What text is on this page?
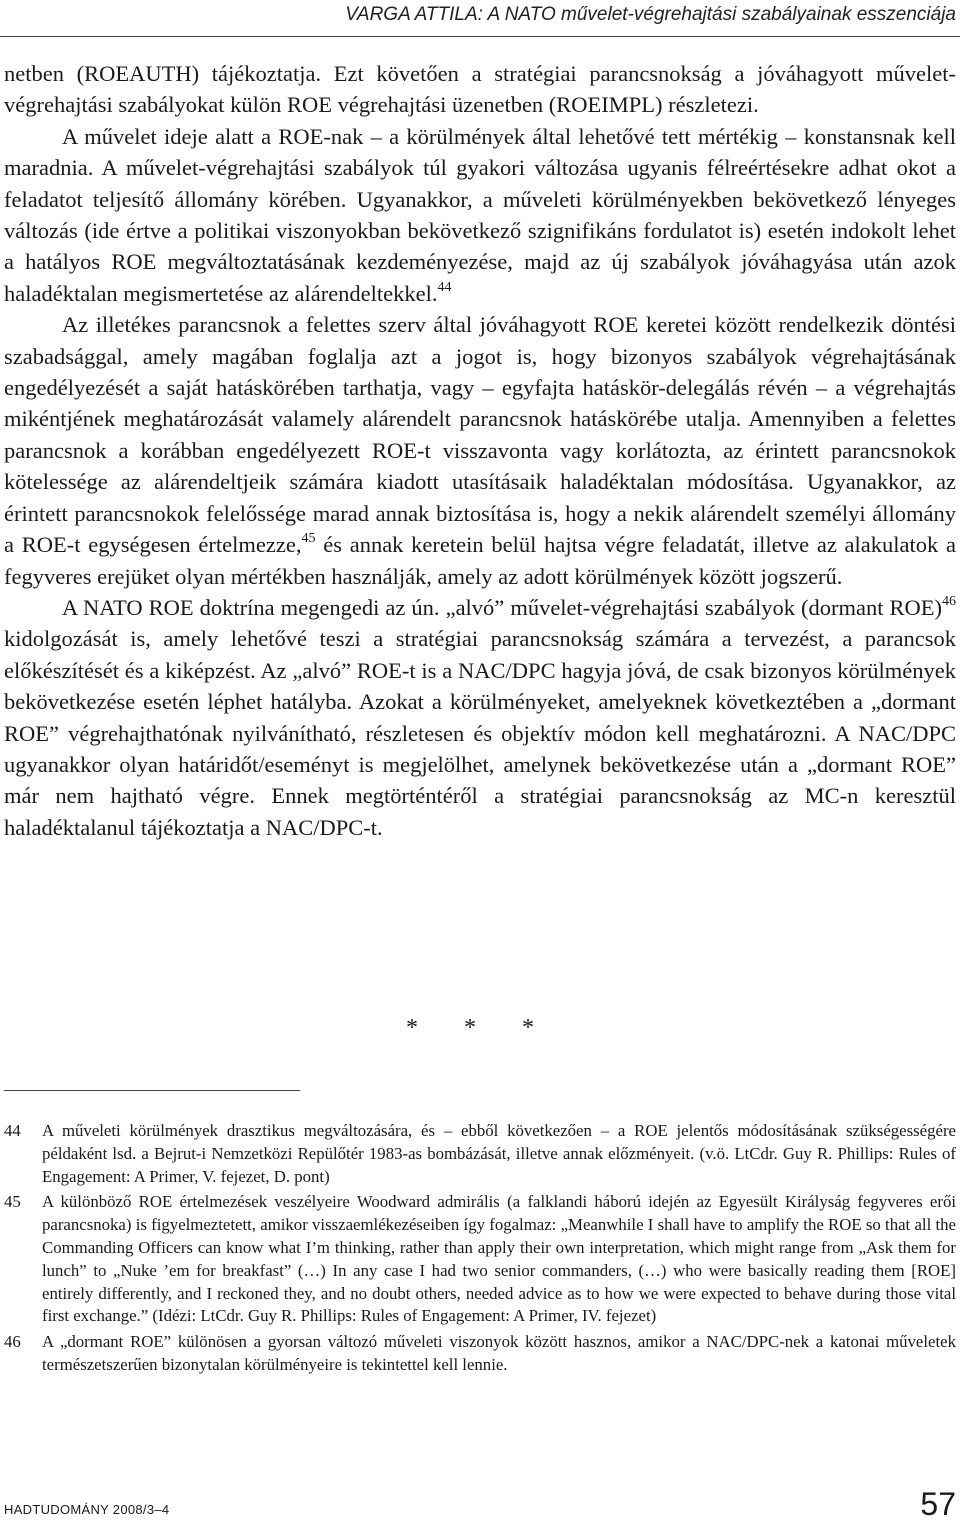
VARGA ATTILA: A NATO művelet-végrehajtási szabályainak esszenciája

netben (ROEAUTH) tájékoztatja. Ezt követően a stratégiai parancsnokság a jóváhagyott művelet-végrehajtási szabályokat külön ROE végrehajtási üzenetben (ROEIMPL) részletezi.

A művelet ideje alatt a ROE-nak – a körülmények által lehetővé tett mértékig – konstansnak kell maradnia. A művelet-végrehajtási szabályok túl gyakori változása ugyanis félreértésekre adhat okot a feladatot teljesítő állomány körében. Ugyanakkor, a műveleti körülményekben bekövetkező lényeges változás (ide értve a politikai viszonyokban bekövetkező szignifikáns fordulatot is) esetén indokolt lehet a hatályos ROE megváltoztatásának kezdeményezése, majd az új szabályok jóváhagyása után azok haladéktalan megismertetése az alárendeltekkel.$^{44}$

Az illetékes parancsnok a felettes szerv által jóváhagyott ROE keretei között rendelkezik döntési szabadsággal, amely magában foglalja azt a jogot is, hogy bizonyos szabályok végrehajtásának engedélyezését a saját hatáskörében tarthatja, vagy – egyfajta hatáskör-delegálás révén – a végrehajtás mikéntjének meghatározását valamely alárendelt parancsnok hatáskörébe utalja. Amennyiben a felettes parancsnok a korábban engedélyezett ROE-t visszavonta vagy korlátozta, az érintett parancsnokok kötelessége az alárendeltjeik számára kiadott utasításaik haladéktalan módosítása. Ugyanakkor, az érintett parancsnokok felelőssége marad annak biztosítása is, hogy a nekik alárendelt személyi állomány a ROE-t egységesen értelmezze,$^{45}$ és annak keretein belül hajtsa végre feladatát, illetve az alakulatok a fegyveres erejüket olyan mértékben használják, amely az adott körülmények között jogszerű.

A NATO ROE doktrína megengedi az ún. „alvó” művelet-végrehajtási szabályok (dormant ROE)$^{46}$ kidolgozását is, amely lehetővé teszi a stratégiai parancsnokság számára a tervezést, a parancsok előkészítését és a kiképzést. Az „alvó” ROE-t is a NAC/DPC hagyja jóvá, de csak bizonyos körülmények bekövetkezése esetén léphet hatályba. Azokat a körülményeket, amelyeknek következtében a „dormant ROE” végrehajthatónak nyilvánítható, részletesen és objektív módon kell meghatározni. A NAC/DPC ugyanakkor olyan határidőt/eseményt is megjelölhet, amelynek bekövetkezése után a „dormant ROE” már nem hajtható végre. Ennek megtörténtéről a stratégiai parancsnokság az MC-n keresztül haladéktalanul tájékoztatja a NAC/DPC-t.

* * *
44 A műveleti körülmények drasztikus megváltozására, és – ebből következően – a ROE jelentős módosításának szükségességére példaként lsd. a Bejrut-i Nemzetközi Repülőtér 1983-as bombázását, illetve annak előzményeit. (v.ö. LtCdr. Guy R. Phillips: Rules of Engagement: A Primer, V. fejezet, D. pont)
45 A különböző ROE értelmezések veszélyeire Woodward admirális (a falklandi háború idején az Egyesült Királyság fegyveres erői parancsnoka) is figyelmeztetett, amikor visszaemlékezéseiben így fogalmaz: „Meanwhile I shall have to amplify the ROE so that all the Commanding Officers can know what I’m thinking, rather than apply their own interpretation, which might range from „Ask them for lunch” to „Nuke ’em for breakfast” (…) In any case I had two senior commanders, (…) who were basically reading them [ROE] entirely differently, and I reckoned they, and no doubt others, needed advice as to how we were expected to behave during those vital first exchange.” (Idézi: LtCdr. Guy R. Phillips: Rules of Engagement: A Primer, IV. fejezet)
46 A „dormant ROE” különösen a gyorsan változó műveleti viszonyok között hasznos, amikor a NAC/DPC-nek a katonai műveletek természetszerűen bizonytalan körülményeire is tekintettel kell lennie.
HADTUDOMÁNY 2008/3–4	57
